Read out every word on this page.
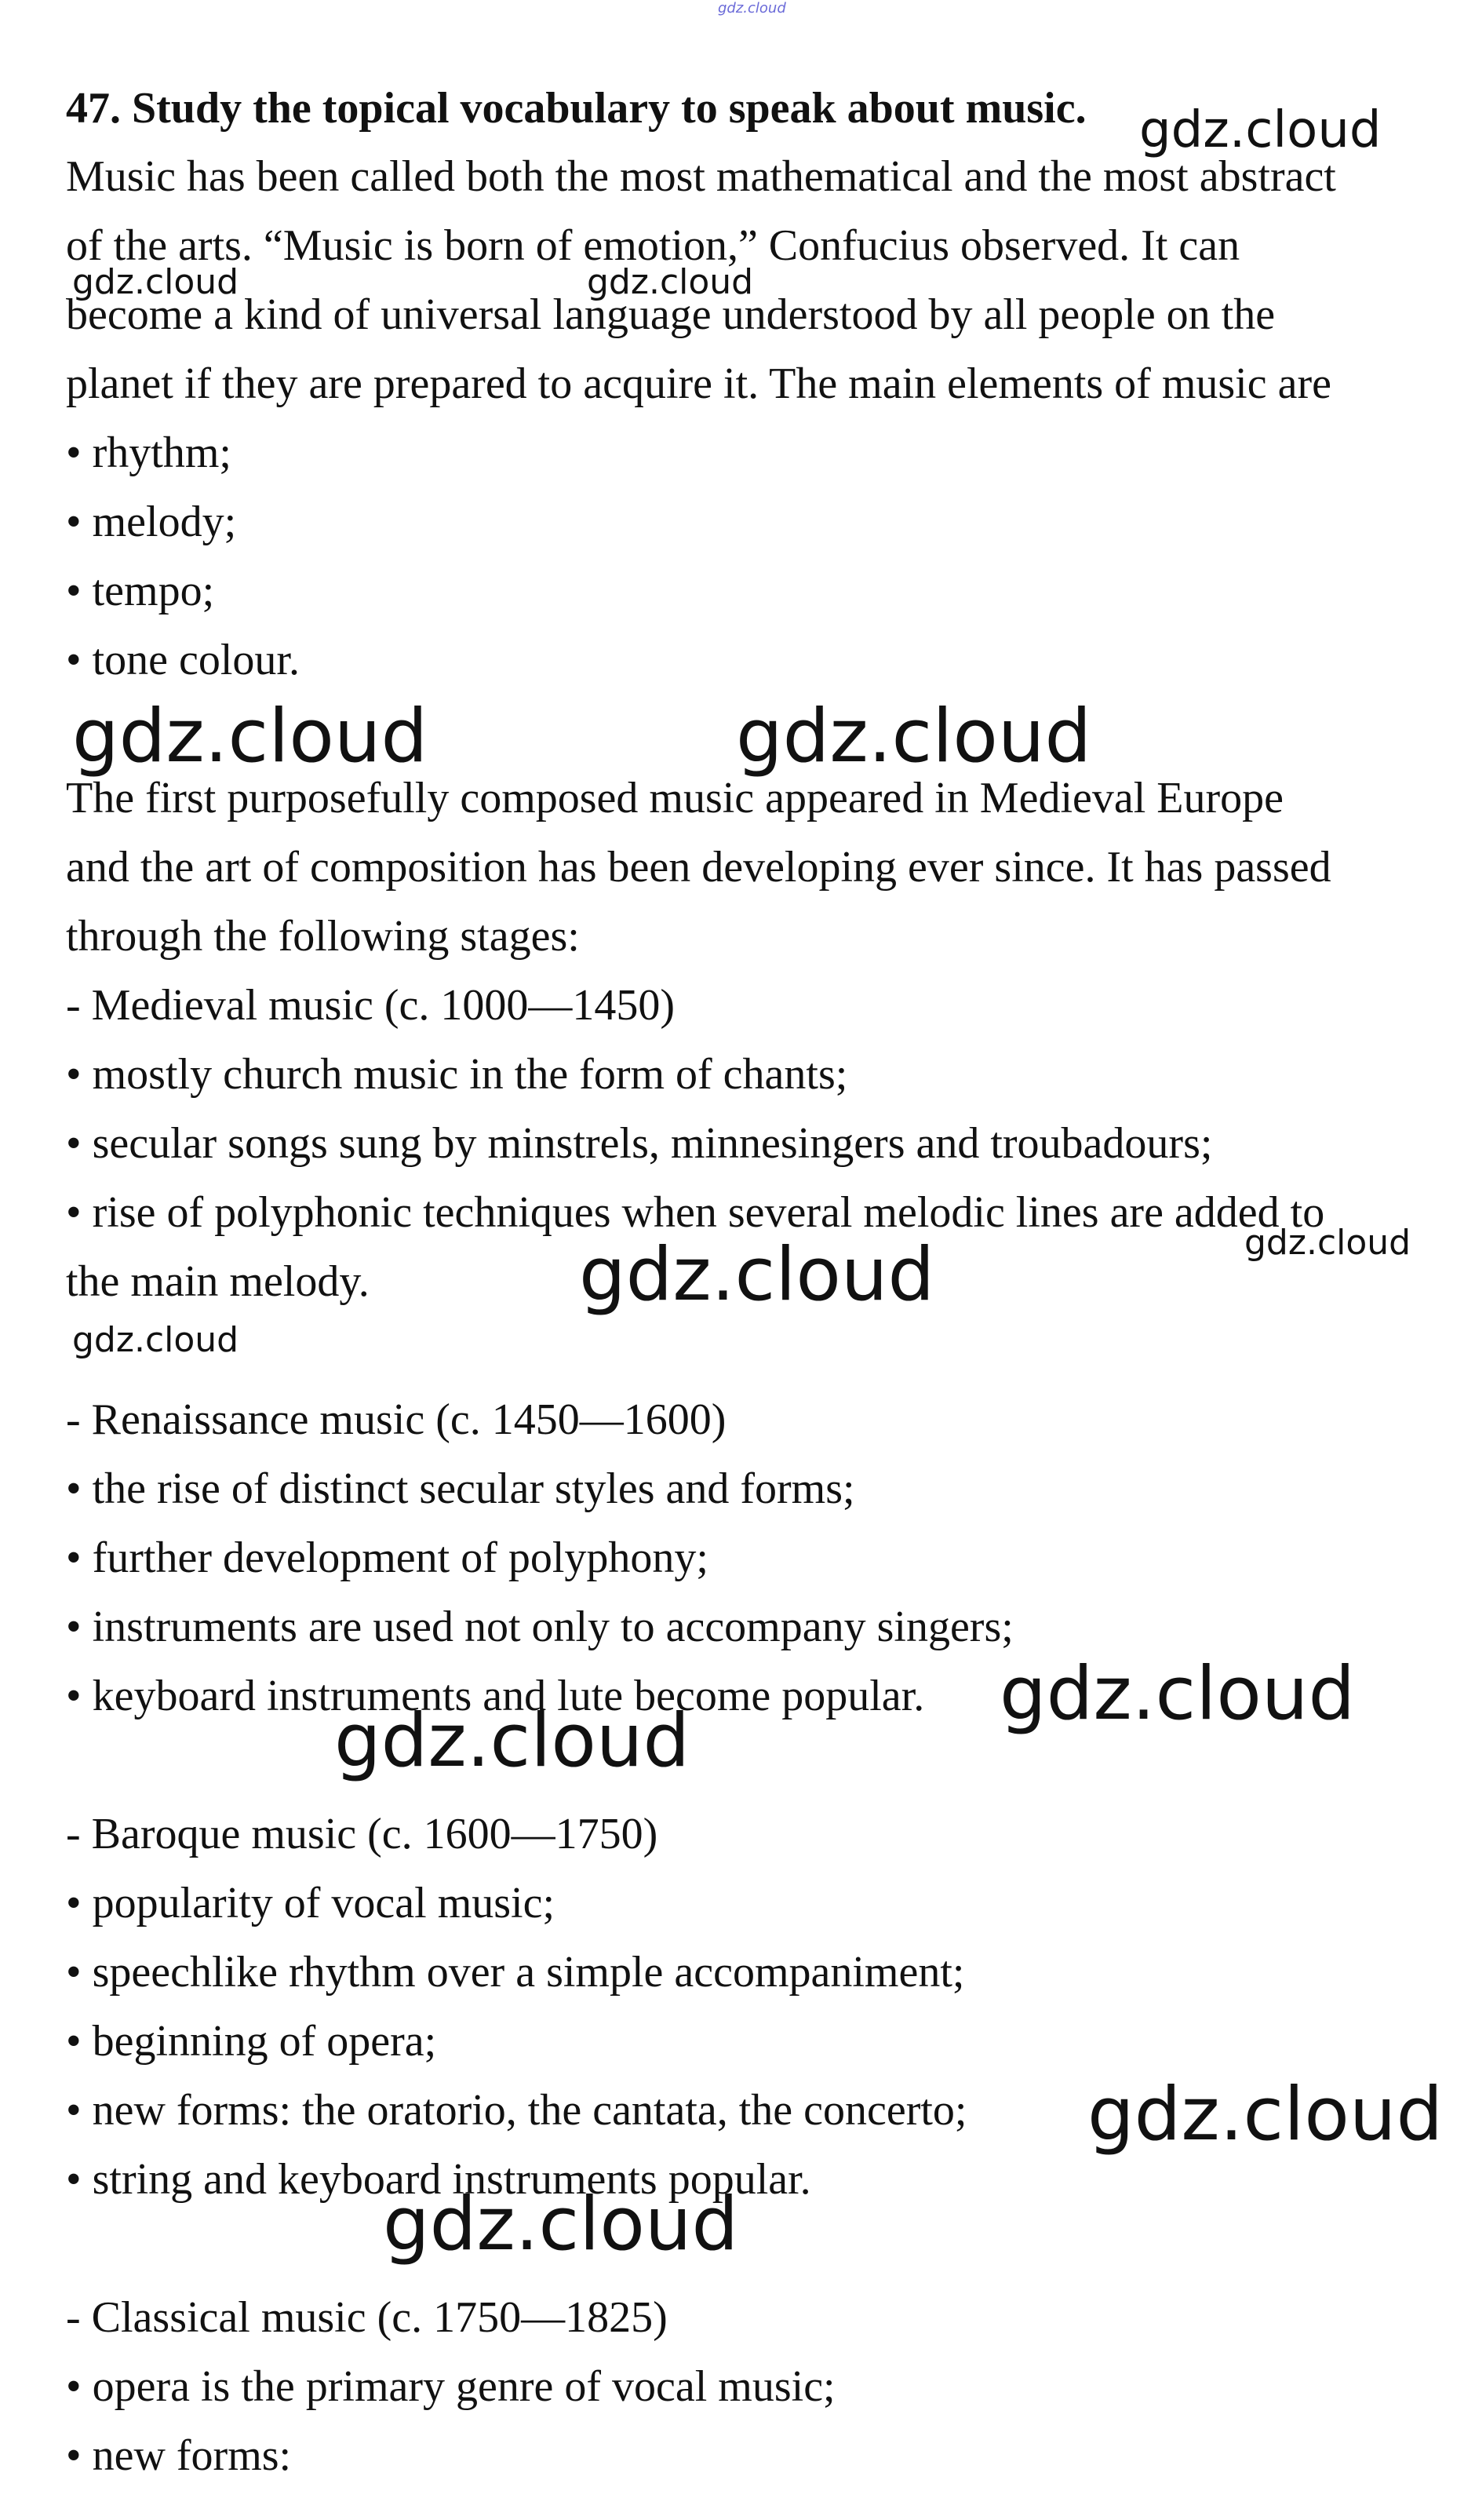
gdz.cloud
47. Study the topical vocabulary to speak about music.
Music has been called both the most mathematical and the most abstract
of the arts. “Music is born of emotion,” Confucius observed. It can
become a kind of universal language understood by all people on the
planet if they are prepared to acquire it. The main elements of music are
• rhythm;
• melody;
• tempo;
• tone colour.
The first purposefully composed music appeared in Medieval Europe
and the art of composition has been developing ever since. It has passed
through the following stages:
- Medieval music (c. 1000—1450)
• mostly church music in the form of chants;
• secular songs sung by minstrels, minnesingers and troubadours;
• rise of polyphonic techniques when several melodic lines are added to
the main melody.
- Renaissance music (c. 1450—1600)
• the rise of distinct secular styles and forms;
• further development of polyphony;
• instruments are used not only to accompany singers;
• keyboard instruments and lute become popular.
- Baroque music (c. 1600—1750)
• popularity of vocal music;
• speechlike rhythm over a simple accompaniment;
• beginning of opera;
• new forms: the oratorio, the cantata, the concerto;
• string and keyboard instruments popular.
- Classical music (c. 1750—1825)
• opera is the primary genre of vocal music;
• new forms:
gdz.cloud
gdz.cloud	gdz.cloud
gdz.cloud	gdz.cloud
gdz.cloud
gdz.cloud
gdz.cloud
gdz.cloud
gdz.cloud
gdz.cloud
gdz.cloud
